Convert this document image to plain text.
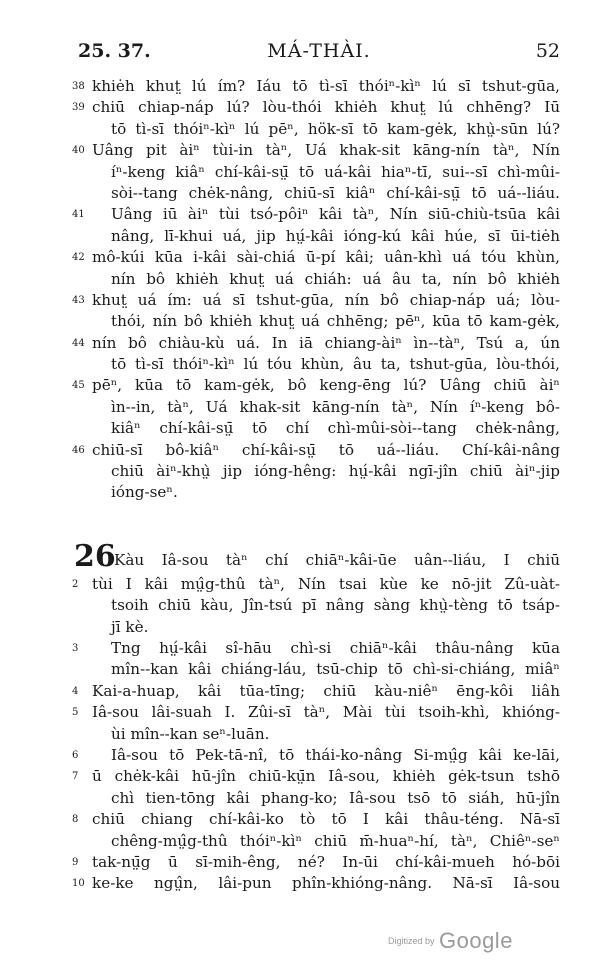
25. 37.	MÁ-THÀI.	52
38 khiėh khut̤ lú ím? Iáu tō tì-sī thóiⁿ-kìⁿ lú sī tshut-gūa,
39 chiū chiap-náp lú? lòu-thói khiėh khut̤ lú chhēng? Iū
tō tì-sī thóiⁿ-kìⁿ lú pēⁿ, hök-sī tō kam-gėk, khṳ̀-sūn lú?
40 Uâng pit àiⁿ tùi-in tàⁿ, Uá khak-sit kāng-nín tàⁿ, Nín
íⁿ-keng kiâⁿ chí-kâi-sṳ̄ tō uá-kâi hiaⁿ-tī, sui--sī chì-mûi-
sòi--tang chėk-nâng, chiū-sī kiâⁿ chí-kâi-sṳ̄ tō uá--liáu.
41	Uâng iū àiⁿ tùi tsó-pôiⁿ kâi tàⁿ, Nín siū-chiù-tsūa kâi
nâng, lī-khui uá, jip hṳ́-kâi ióng-kú kâi húe, sī ūi-tiėh
42 mô-kúi kūa i-kâi sài-chiá ū-pí kâi; uân-khì uá tóu khùn,
nín bô khiėh khut̤ uá chiáh: uá âu ta, nín bô khiėh
43 khut̤ uá ím: uá sī tshut-gūa, nín bô chiap-náp uá; lòu-
thói, nín bô khiėh khut̤ uá chhēng; pēⁿ, kūa tō kam-gėk,
44 nín bô chiàu-kù uá. In iā chiang-àiⁿ ìn--tàⁿ, Tsú a, ún
tō tì-sī thóiⁿ-kìⁿ lú tóu khùn, âu ta, tshut-gūa, lòu-thói,
45 pēⁿ, kūa tō kam-gėk, bô keng-ēng lú? Uâng chiū àiⁿ
ìn--in, tàⁿ, Uá khak-sit kāng-nín tàⁿ, Nín íⁿ-keng bô-
kiâⁿ chí-kâi-sṳ̄ tō chí chì-mûi-sòi--tang chėk-nâng,
46 chiū-sī bô-kiâⁿ chí-kâi-sṳ̄ tō uá--liáu. Chí-kâi-nâng
chiū àiⁿ-khṳ̀ jip ióng-hêng: hṳ́-kâi ngī-jîn chiū àiⁿ-jip
ióng-seⁿ.
26
Kàu Iâ-sou tàⁿ chí chiāⁿ-kâi-ūe uân--liáu, I chiū
2 tùi I kâi mṳ̂g-thû tàⁿ, Nín tsai kùe ke nō-jit Zû-uàt-
tsoih chiū kàu, Jîn-tsú pī nâng sàng khṳ̀-tèng tō tsáp-
jī kè.
3	Tng hṳ́-kâi sî-hāu chì-si chiāⁿ-kâi thâu-nâng kūa
mîn--kan kâi chiáng-láu, tsū-chip tō chì-si-chiáng, miâⁿ
4 Kai-a-huap, kâi tūa-tīng; chiū kàu-niêⁿ ēng-kôi liâh
5 Iâ-sou lâi-suah I. Zûi-sī tàⁿ, Mài tùi tsoih-khì, khióng-
ùi mîn--kan seⁿ-luān.
6	Iâ-sou tō Pek-tā-nî, tō thái-ko-nâng Si-mṳ̂g kâi ke-lāi,
7 ū chėk-kâi hū-jîn chiū-kṳ̄n Iâ-sou, khiėh gėk-tsun tshō
chì tien-tōng kâi phang-ko; Iâ-sou tsō tō siáh, hū-jîn
8 chiū chiang chí-kâi-ko tò tō I kâi thâu-téng. Nā-sī
chêng-mṳ̂g-thû thóiⁿ-kìⁿ chiū m̄-huaⁿ-hí, tàⁿ, Chiêⁿ-seⁿ
9 tak-nṳ̄g ū sī-mih-êng, né? In-ūi chí-kâi-mueh hó-bōi
10 ke-ke ngṳ̂n, lâi-pun phîn-khióng-nâng. Nā-sī Iâ-sou
Digitized by Google
